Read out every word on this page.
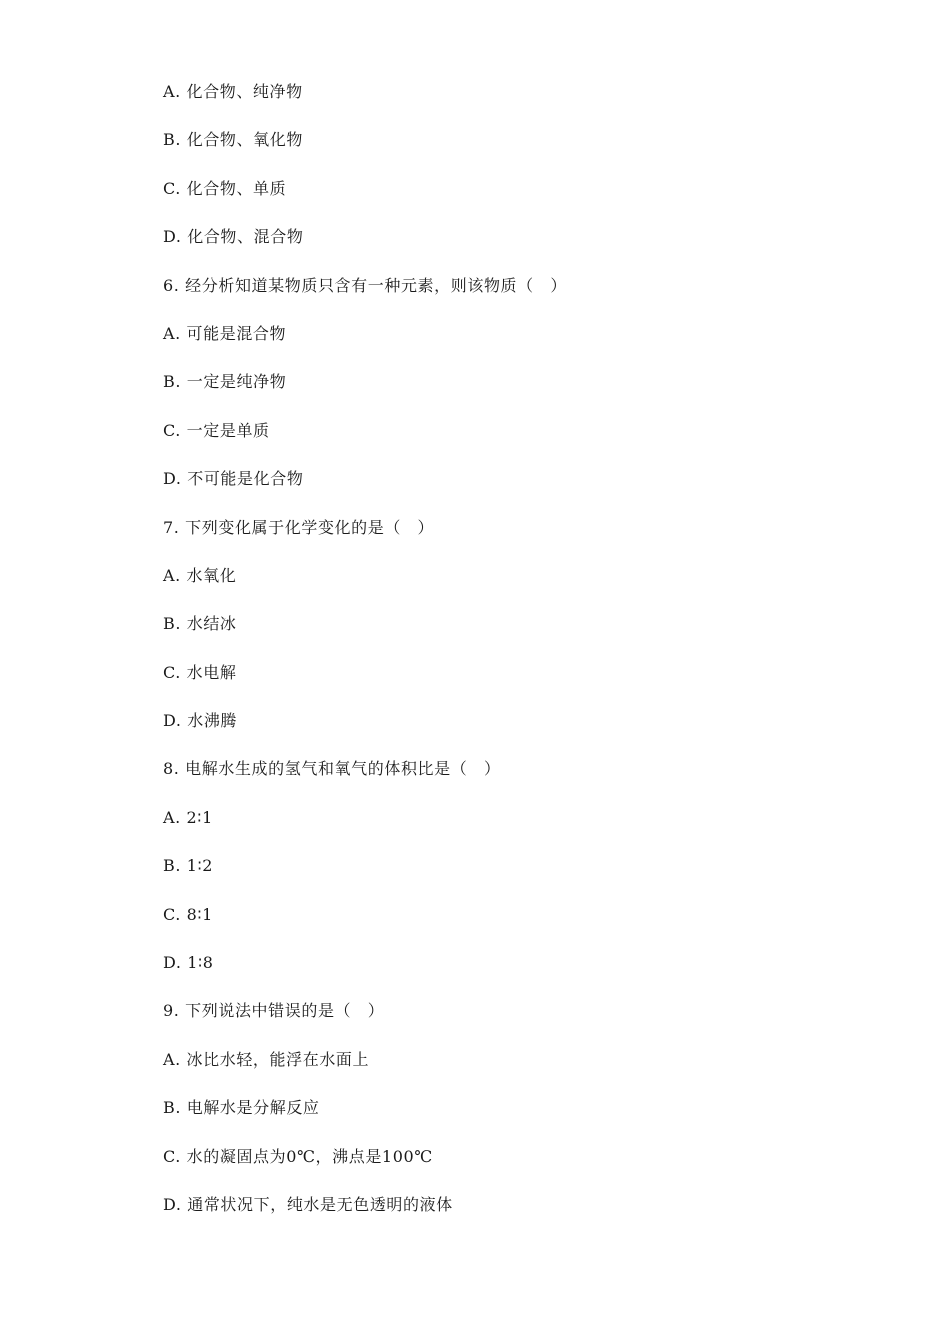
A. 化合物、纯净物
B. 化合物、氧化物
C. 化合物、单质
D. 化合物、混合物
6. 经分析知道某物质只含有一种元素，则该物质（　）
A. 可能是混合物
B. 一定是纯净物
C. 一定是单质
D. 不可能是化合物
7. 下列变化属于化学变化的是（　）
A. 水氧化
B. 水结冰
C. 水电解
D. 水沸腾
8. 电解水生成的氢气和氧气的体积比是（　）
A. 2∶1
B. 1∶2
C. 8∶1
D. 1∶8
9. 下列说法中错误的是（　）
A. 冰比水轻，能浮在水面上
B. 电解水是分解反应
C. 水的凝固点为0℃，沸点是100℃
D. 通常状况下，纯水是无色透明的液体
